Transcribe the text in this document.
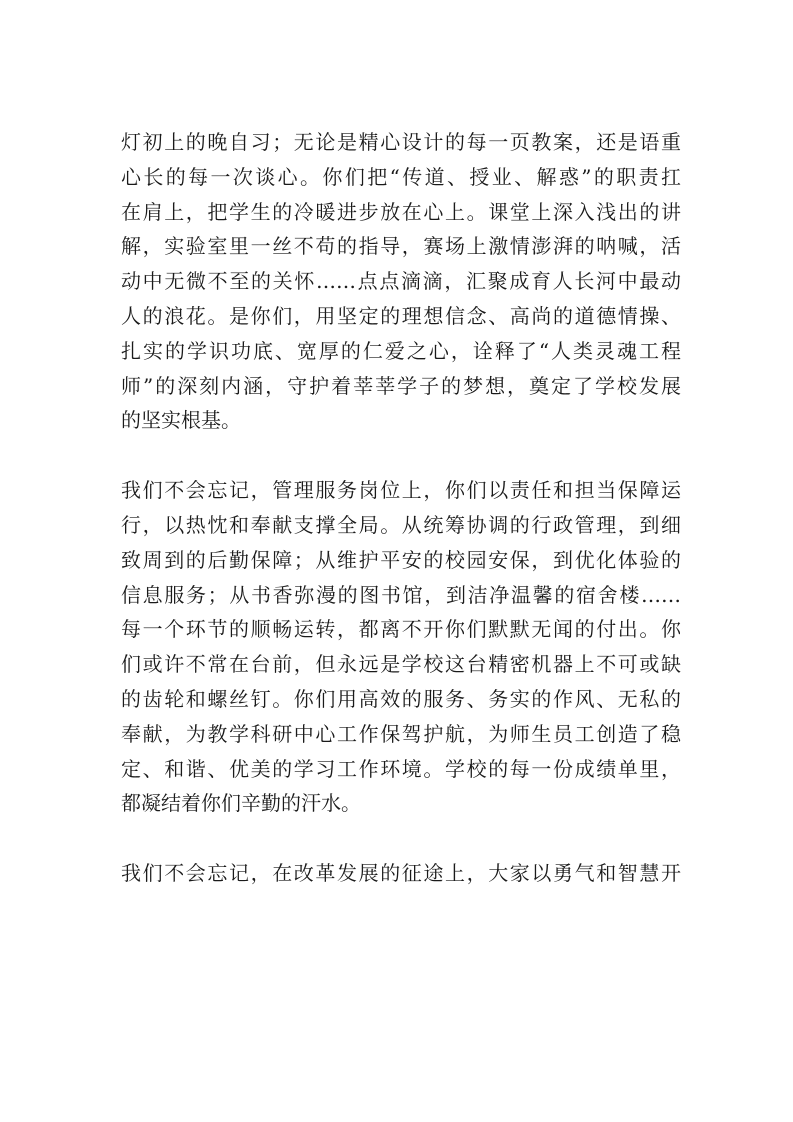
灯初上的晚自习；无论是精心设计的每一页教案，还是语重
心长的每一次谈心。你们把“传道、授业、解惑”的职责扛
在肩上，把学生的冷暖进步放在心上。课堂上深入浅出的讲
解，实验室里一丝不苟的指导，赛场上激情澎湃的呐喊，活
动中无微不至的关怀……点点滴滴，汇聚成育人长河中最动
人的浪花。是你们，用坚定的理想信念、高尚的道德情操、
扎实的学识功底、宽厚的仁爱之心，诠释了“人类灵魂工程
师”的深刻内涵，守护着莘莘学子的梦想，奠定了学校发展
的坚实根基。
我们不会忘记，管理服务岗位上，你们以责任和担当保障运
行，以热忱和奉献支撑全局。从统筹协调的行政管理，到细
致周到的后勤保障；从维护平安的校园安保，到优化体验的
信息服务；从书香弥漫的图书馆，到洁净温馨的宿舍楼……
每一个环节的顺畅运转，都离不开你们默默无闻的付出。你
们或许不常在台前，但永远是学校这台精密机器上不可或缺
的齿轮和螺丝钉。你们用高效的服务、务实的作风、无私的
奉献，为教学科研中心工作保驾护航，为师生员工创造了稳
定、和谐、优美的学习工作环境。学校的每一份成绩单里，
都凝结着你们辛勤的汗水。
我们不会忘记，在改革发展的征途上，大家以勇气和智慧开
